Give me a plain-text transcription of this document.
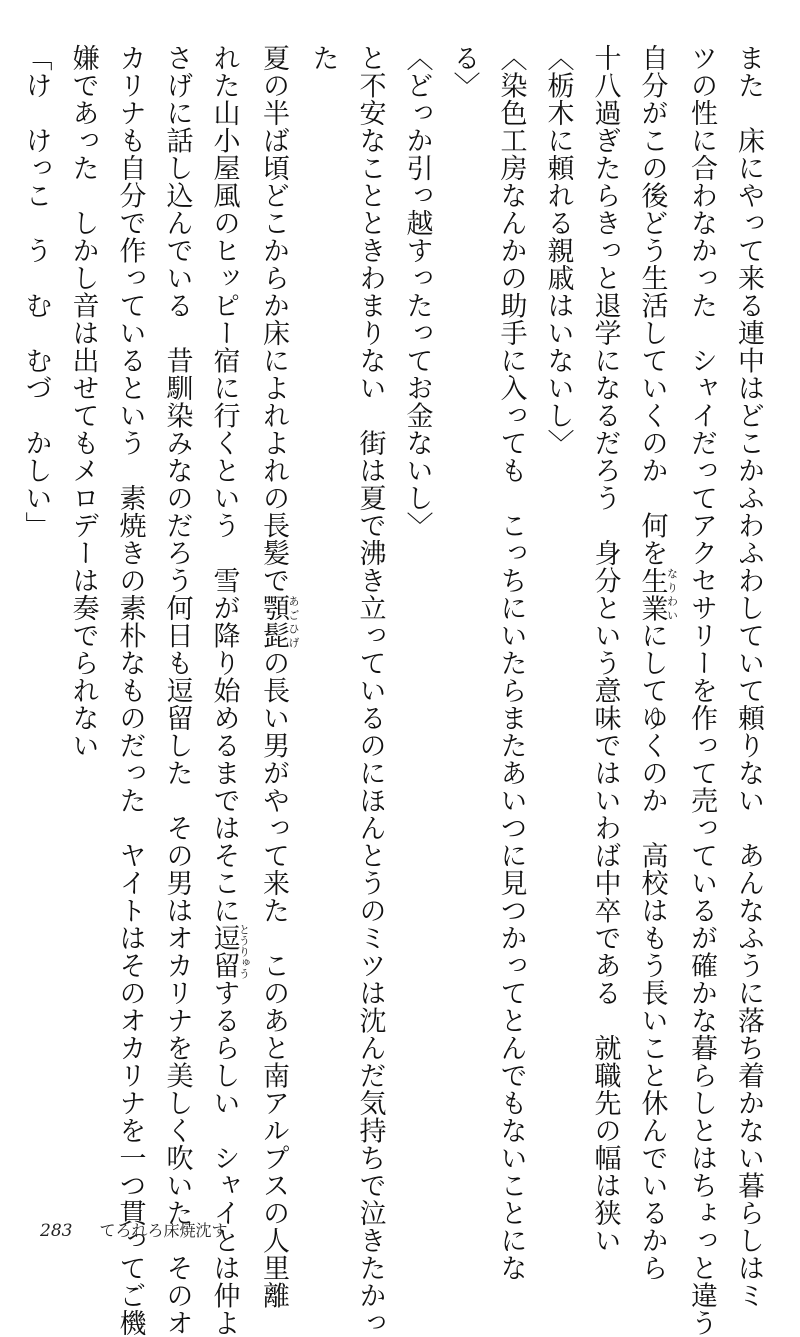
また　床にやって来る連中はどこかふわふわしていて頼りない　あんなふうに落ち着かない暮らしはミ
ツの性に合わなかった　シャイだってアクセサリーを作って売っているが確かな暮らしとはちょっと違う
自分がこの後どう生活していくのか　何を生業なりわいにしてゆくのか　高校はもう長いこと休んでいるから
十八過ぎたらきっと退学になるだろう　身分という意味ではいわば中卒である　就職先の幅は狭い
〈栃木に頼れる親戚はいないし〉
〈染色工房なんかの助手に入っても　こっちにいたらまたあいつに見つかってとんでもないことにな
る〉
〈どっか引っ越すったってお金ないし〉
と不安なことときわまりない　街は夏で沸き立っているのにほんとうのミツは沈んだ気持ちで泣きたかっ
た
夏の半ば頃どこからか床によれよれの長髪で顎髭あごひげの長い男がやって来た　このあと南アルプスの人里離
れた山小屋風のヒッピー宿に行くという　雪が降り始めるまではそこに逗留とうりゅうするらしい　シャイとは仲よ
さげに話し込んでいる　昔馴染みなのだろう何日も逗留した　その男はオカリナを美しく吹いた　そのオ
カリナも自分で作っているという　素焼きの素朴なものだった　ヤイトはそのオカリナを一つ貫ってご機
嫌であった　しかし音は出せてもメロデーは奏でられない
「け　けっこ　う　む　むづ　かしい」
283 てろれろ床焼沈す
